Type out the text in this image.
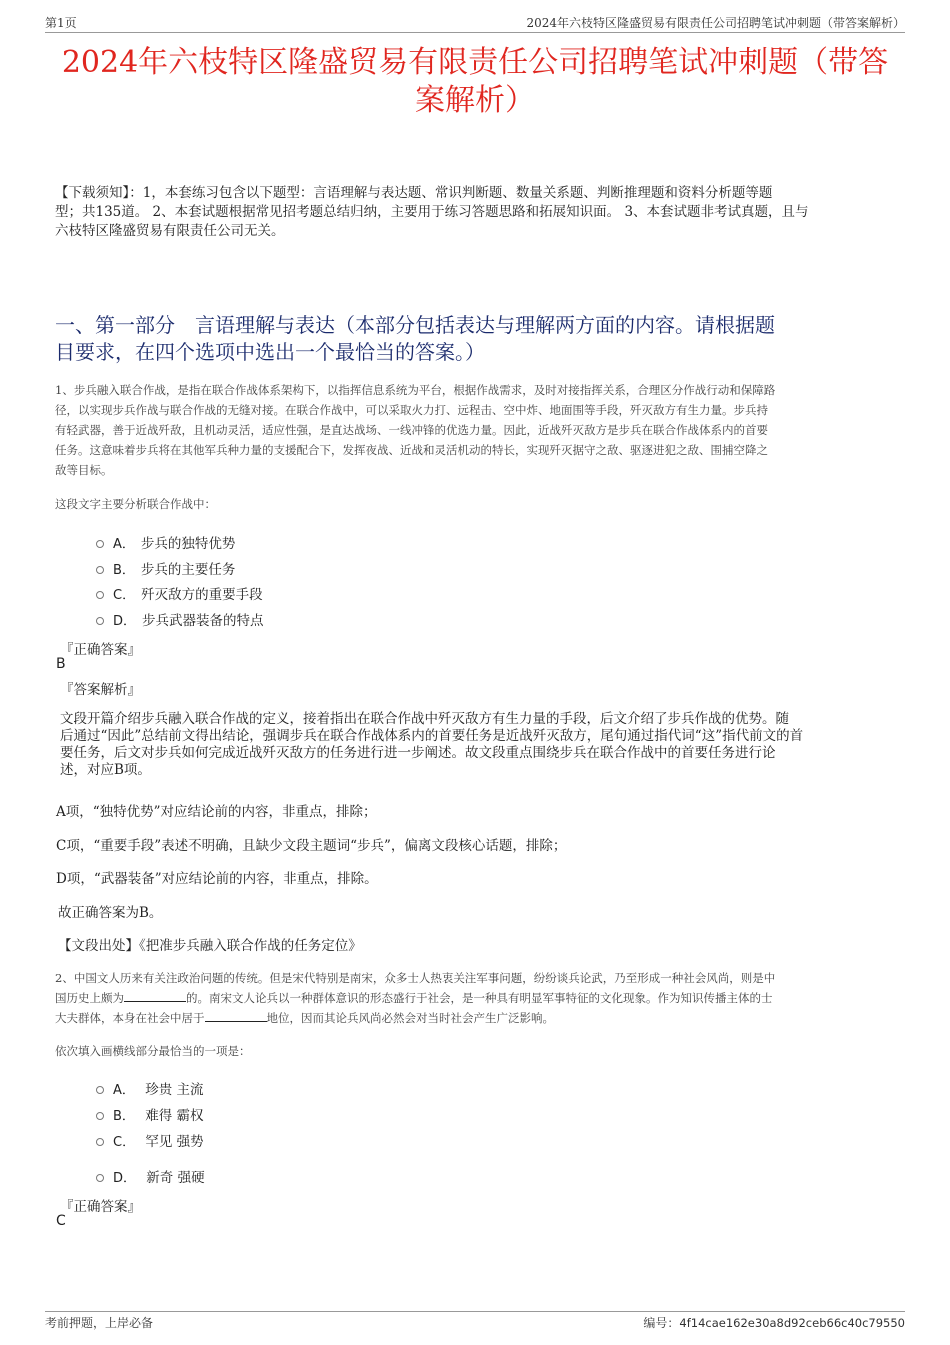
第1页	2024年六枝特区隆盛贸易有限责任公司招聘笔试冲刺题（带答案解析）
2024年六枝特区隆盛贸易有限责任公司招聘笔试冲刺题（带答
案解析）
【下载须知】：1，本套练习包含以下题型：言语理解与表达题、常识判断题、数量关系题、判断推理题和资料分析题等题
型；共135道。 2、本套试题根据常见招考题总结归纳，主要用于练习答题思路和拓展知识面。 3、本套试题非考试真题，且与
六枝特区隆盛贸易有限责任公司无关。
一、第一部分　言语理解与表达（本部分包括表达与理解两方面的内容。请根据题
目要求，在四个选项中选出一个最恰当的答案。）
1、步兵融入联合作战，是指在联合作战体系架构下，以指挥信息系统为平台，根据作战需求，及时对接指挥关系，合理区分作战行动和保障路
径，以实现步兵作战与联合作战的无缝对接。在联合作战中，可以采取火力打、远程击、空中炸、地面围等手段，歼灭敌方有生力量。步兵持
有轻武器，善于近战歼敌，且机动灵活，适应性强，是直达战场、一线冲锋的优选力量。因此，近战歼灭敌方是步兵在联合作战体系内的首要
任务。这意味着步兵将在其他军兵种力量的支援配合下，发挥夜战、近战和灵活机动的特长，实现歼灭据守之敌、驱逐进犯之敌、围捕空降之
敌等目标。
这段文字主要分析联合作战中：
A． 步兵的独特优势
B． 步兵的主要任务
C． 歼灭敌方的重要手段
D． 步兵武器装备的特点
『正确答案』
B
『答案解析』
文段开篇介绍步兵融入联合作战的定义，接着指出在联合作战中歼灭敌方有生力量的手段，后文介绍了步兵作战的优势。随
后通过“因此”总结前文得出结论，强调步兵在联合作战体系内的首要任务是近战歼灭敌方，尾句通过指代词“这”指代前文的首
要任务，后文对步兵如何完成近战歼灭敌方的任务进行进一步阐述。故文段重点围绕步兵在联合作战中的首要任务进行论
述，对应B项。
A项，“独特优势”对应结论前的内容，非重点，排除；
C项，“重要手段”表述不明确，且缺少文段主题词“步兵”，偏离文段核心话题，排除；
D项，“武器装备”对应结论前的内容，非重点，排除。
故正确答案为B。
【文段出处】《把准步兵融入联合作战的任务定位》
2、中国文人历来有关注政治问题的传统。但是宋代特别是南宋，众多士人热衷关注军事问题，纷纷谈兵论武，乃至形成一种社会风尚，则是中
国历史上颇为	的。南宋文人论兵以一种群体意识的形态盛行于社会，是一种具有明显军事特征的文化现象。作为知识传播主体的士
大夫群体，本身在社会中居于	地位，因而其论兵风尚必然会对当时社会产生广泛影响。
依次填入画横线部分最恰当的一项是：
A． 珍贵 主流
B． 难得 霸权
C． 罕见 强势
D． 新奇 强硬
『正确答案』
C
考前押题，上岸必备	编号：4f14cae162e30a8d92ceb66c40c79550
